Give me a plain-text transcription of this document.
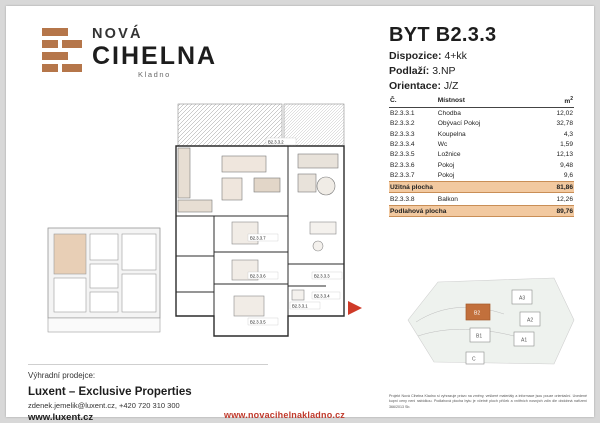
NOVÁ
CIHELNA
Kladno
BYT B2.3.3
Dispozice: 4+kk
Podlaží: 3.NP
Orientace: J/Z
Č.	Místnost	$m^2$
B2.3.3.1	Chodba	12,02
B2.3.3.2	Obývací Pokoj	32,78
B2.3.3.3	Koupelna	4,3
B2.3.3.4	Wc	1,59
B2.3.3.5	Ložnice	12,13
B2.3.3.6	Pokoj	9,48
B2.3.3.7	Pokoj	9,6
Užitná plocha		81,86
B2.3.3.8	Balkon	12,26
Podlahová plocha		89,76
B2.3.3.2
B2.3.3.7
B2.3.3.6	B2.3.3.3
B2.3.3.4
B2.3.3.1
B2.3.3.5
A3
A2
A1
B1
C
B2
Výhradní prodejce:
Luxent – Exclusive Properties
zdenek.jemelik@luxent.cz, +420 720 310 300
www.luxent.cz	www.novacihelnakladno.cz
Projekt Nová Cihelna Kladno si vyhrazuje právo na změny, veškeré materiály a informace jsou pouze orientační. Uvedené kupní ceny neni nabídkou. Podlahová plocha bytu je včetně ploch příček a vnitřních nosných zdin dle obdobná nařízení 366/2013 Sb.
